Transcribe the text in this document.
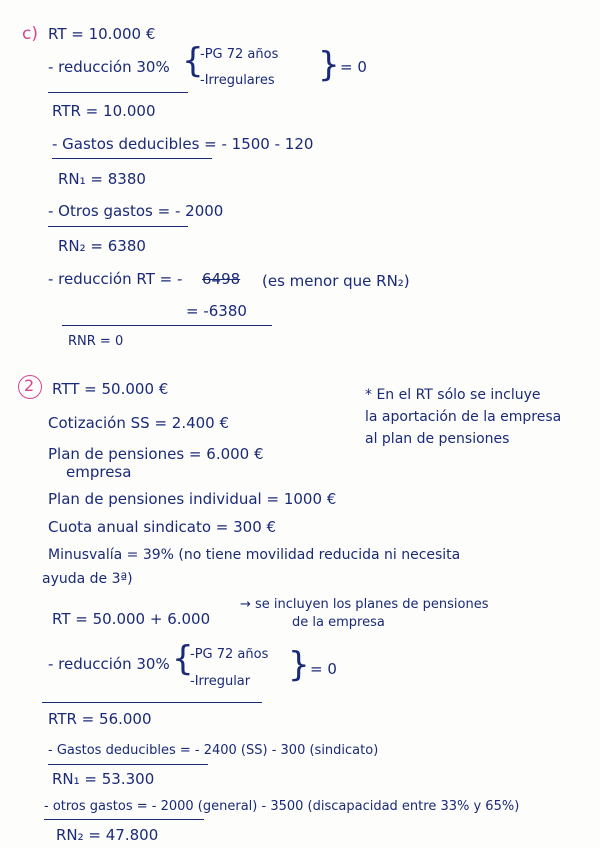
c) RT = 10.000 €
- reducción 30% {
-PG 72 años
-Irregulares } = 0
RTR = 10.000
- Gastos deducibles = - 1500 - 120
RN₁ = 8380
- Otros gastos = - 2000
RN₂ = 6380
- reducción RT = - 6498 (es menor que RN₂)
= -6380
RNR = 0
2 RTT = 50.000 €	* En el RT sólo se incluye
la aportación de la empresa
al plan de pensiones
Cotización SS = 2.400 €
Plan de pensiones = 6.000 €
empresa
Plan de pensiones individual = 1000 €
Cuota anual sindicato = 300 €
Minusvalía = 39% (no tiene movilidad reducida ni necesita
ayuda de 3ª)
RT = 50.000 + 6.000
→ se incluyen los planes de pensiones
de la empresa
- reducción 30% {
-PG 72 años
-Irregular } = 0
RTR = 56.000
- Gastos deducibles = - 2400 (SS) - 300 (sindicato)
RN₁ = 53.300
- otros gastos = - 2000 (general) - 3500 (discapacidad entre 33% y 65%)
RN₂ = 47.800
